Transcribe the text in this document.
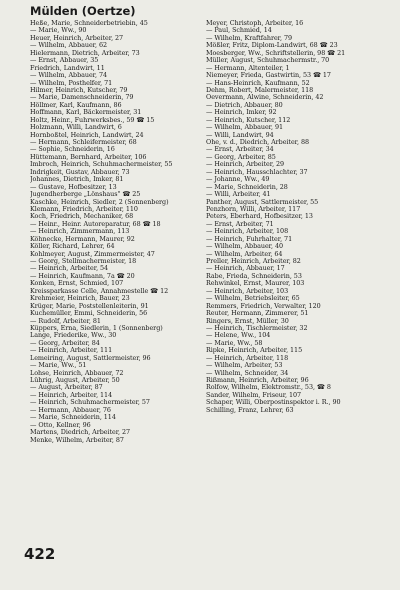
Mülden (Oertze)
Heße, Marie, Schneiderbetriebin, 45
— Marie, Ww., 90
Heuer, Heinrich, Arbeiter, 27
— Wilhelm, Abbauer, 62
Hielermann, Dietrich, Arbeiter, 73
— Ernst, Abbauer, 35
Friedrich, Landwirt, 11
— Wilhelm, Abbauer, 74
— Wilhelm, Posthelfer, 71
Hilmer, Heinrich, Kutscher, 79
— Marie, Damenschneiderin, 79
Höllmer, Karl, Kaufmann, 86
Hoffmann, Karl, Bäckermeister, 31
Holtz, Heinr., Fuhrwerksbes., 59 ☎ 15
Holzmann, Willi, Landwirt, 6
Hornboßtel, Heinrich, Landwirt, 24
— Hermann, Schleifermeister, 68
— Sophie, Schneiderin, 16
Hüttemann, Bernhard, Arbeiter, 106
Imbroch, Heinrich, Schuhmachermeister, 55
Indrigkeit, Gustav, Abbauer, 73
Johannes, Dietrich, Imker, 81
— Gustave, Hofbesitzer, 13
Jugendherberge „Lönshaus" ☎ 25
Kaschke, Heinrich, Siedler, 2 (Sonnenberg)
Klemann, Friedrich, Arbeiter, 110
Koch, Friedrich, Mechaniker, 68
— Heinr., Heinr. Autoreparatur, 68 ☎ 18
— Heinrich, Zimmermann, 113
Köhnecke, Hermann, Maurer, 92
Köller, Richard, Lehrer, 64
Kohlmeyer, August, Zimmermeister, 47
— Georg, Stellmachermeister, 18
— Heinrich, Arbeiter, 54
— Heinrich, Kaufmann, 7a ☎ 20
Konken, Ernst, Schmied, 107
Kreissparkasse Celle, Annahmestelle ☎ 12
Krehmeier, Heinrich, Bauer, 23
Krüger, Marie, Poststellenleiterin, 91
Kuchemüller, Emmi, Schneiderin, 56
— Rudolf, Arbeiter, 81
Küppers, Erna, Siedlerin, 1 (Sonnenberg)
Lange, Friederike, Ww., 30
— Georg, Arbeiter, 84
— Heinrich, Arbeiter, 111
Lemeiring, August, Sattlermeister, 96
— Marie, Ww., 51
Lohse, Heinrich, Abbauer, 72
Lührig, August, Arbeiter, 50
— August, Arbeiter, 87
— Heinrich, Arbeiter, 114
— Heinrich, Schuhmachermeister, 57
— Hermann, Abbauer, 76
— Marie, Schneiderin, 114
— Otto, Kellner, 96
Martens, Diedrich, Arbeiter, 27
Menke, Wilhelm, Arbeiter, 87
Meyer, Christoph, Arbeiter, 16
— Paul, Schmied, 14
— Wilhelm, Kraftfahrer, 79
Mößler, Fritz, Diplom-Landwirt, 68 ☎ 23
Moesberger, Ww., Schriftstellerin, 98 ☎ 21
Müller, August, Schuhmachermstr., 70
— Hermann, Altenteiler, 1
Niemeyer, Frieda, Gastwirtin, 53 ☎ 17
— Hans-Heinrich, Kaufmann, 52
Dehm, Robert, Malermeister, 118
Oevermann, Alwine, Schneiderin, 42
— Dietrich, Abbauer, 80
— Heinrich, Imker, 92
— Heinrich, Kutscher, 112
— Wilhelm, Abbauer, 91
— Willi, Landwirt, 94
Ohe, v. d., Diedrich, Arbeiter, 88
— Ernst, Arbeiter, 34
— Georg, Arbeiter, 85
— Heinrich, Arbeiter, 29
— Heinrich, Hausschlachter, 37
— Johanne, Ww., 49
— Marie, Schneiderin, 28
— Willi, Arbeiter, 41
Panther, August, Sattlermeister, 55
Penzhorn, Willi, Arbeiter, 117
Peters, Eberhard, Hofbesitzer, 13
— Ernst, Arbeiter, 71
— Heinrich, Arbeiter, 108
— Heinrich, Fuhrhalter, 71
— Wilhelm, Abbauer, 40
— Wilhelm, Arbeiter, 64
Preller, Heinrich, Arbeiter, 82
— Heinrich, Abbauer, 17
Rabe, Frieda, Schneiderin, 53
Rehwinkel, Ernst, Maurer, 103
— Heinrich, Arbeiter, 103
— Wilhelm, Betriebsleiter, 65
Remmers, Friedrich, Verwalter, 120
Reuter, Hermann, Zimmerer, 51
Ringers, Ernst, Müller, 30
— Heinrich, Tischlermeister, 32
— Helene, Ww., 104
— Marie, Ww., 58
Ripke, Heinrich, Arbeiter, 115
— Heinrich, Arbeiter, 118
— Wilhelm, Arbeiter, 53
— Wilhelm, Schneider, 34
Rißmann, Heinrich, Arbeiter, 96
Rolfow, Wilhelm, Elektromstr., 53, ☎ 8
Sander, Wilhelm, Friseur, 107
Schaper, Willi, Oberpostinspektor i. R., 90
Schilling, Franz, Lehrer, 63
422
